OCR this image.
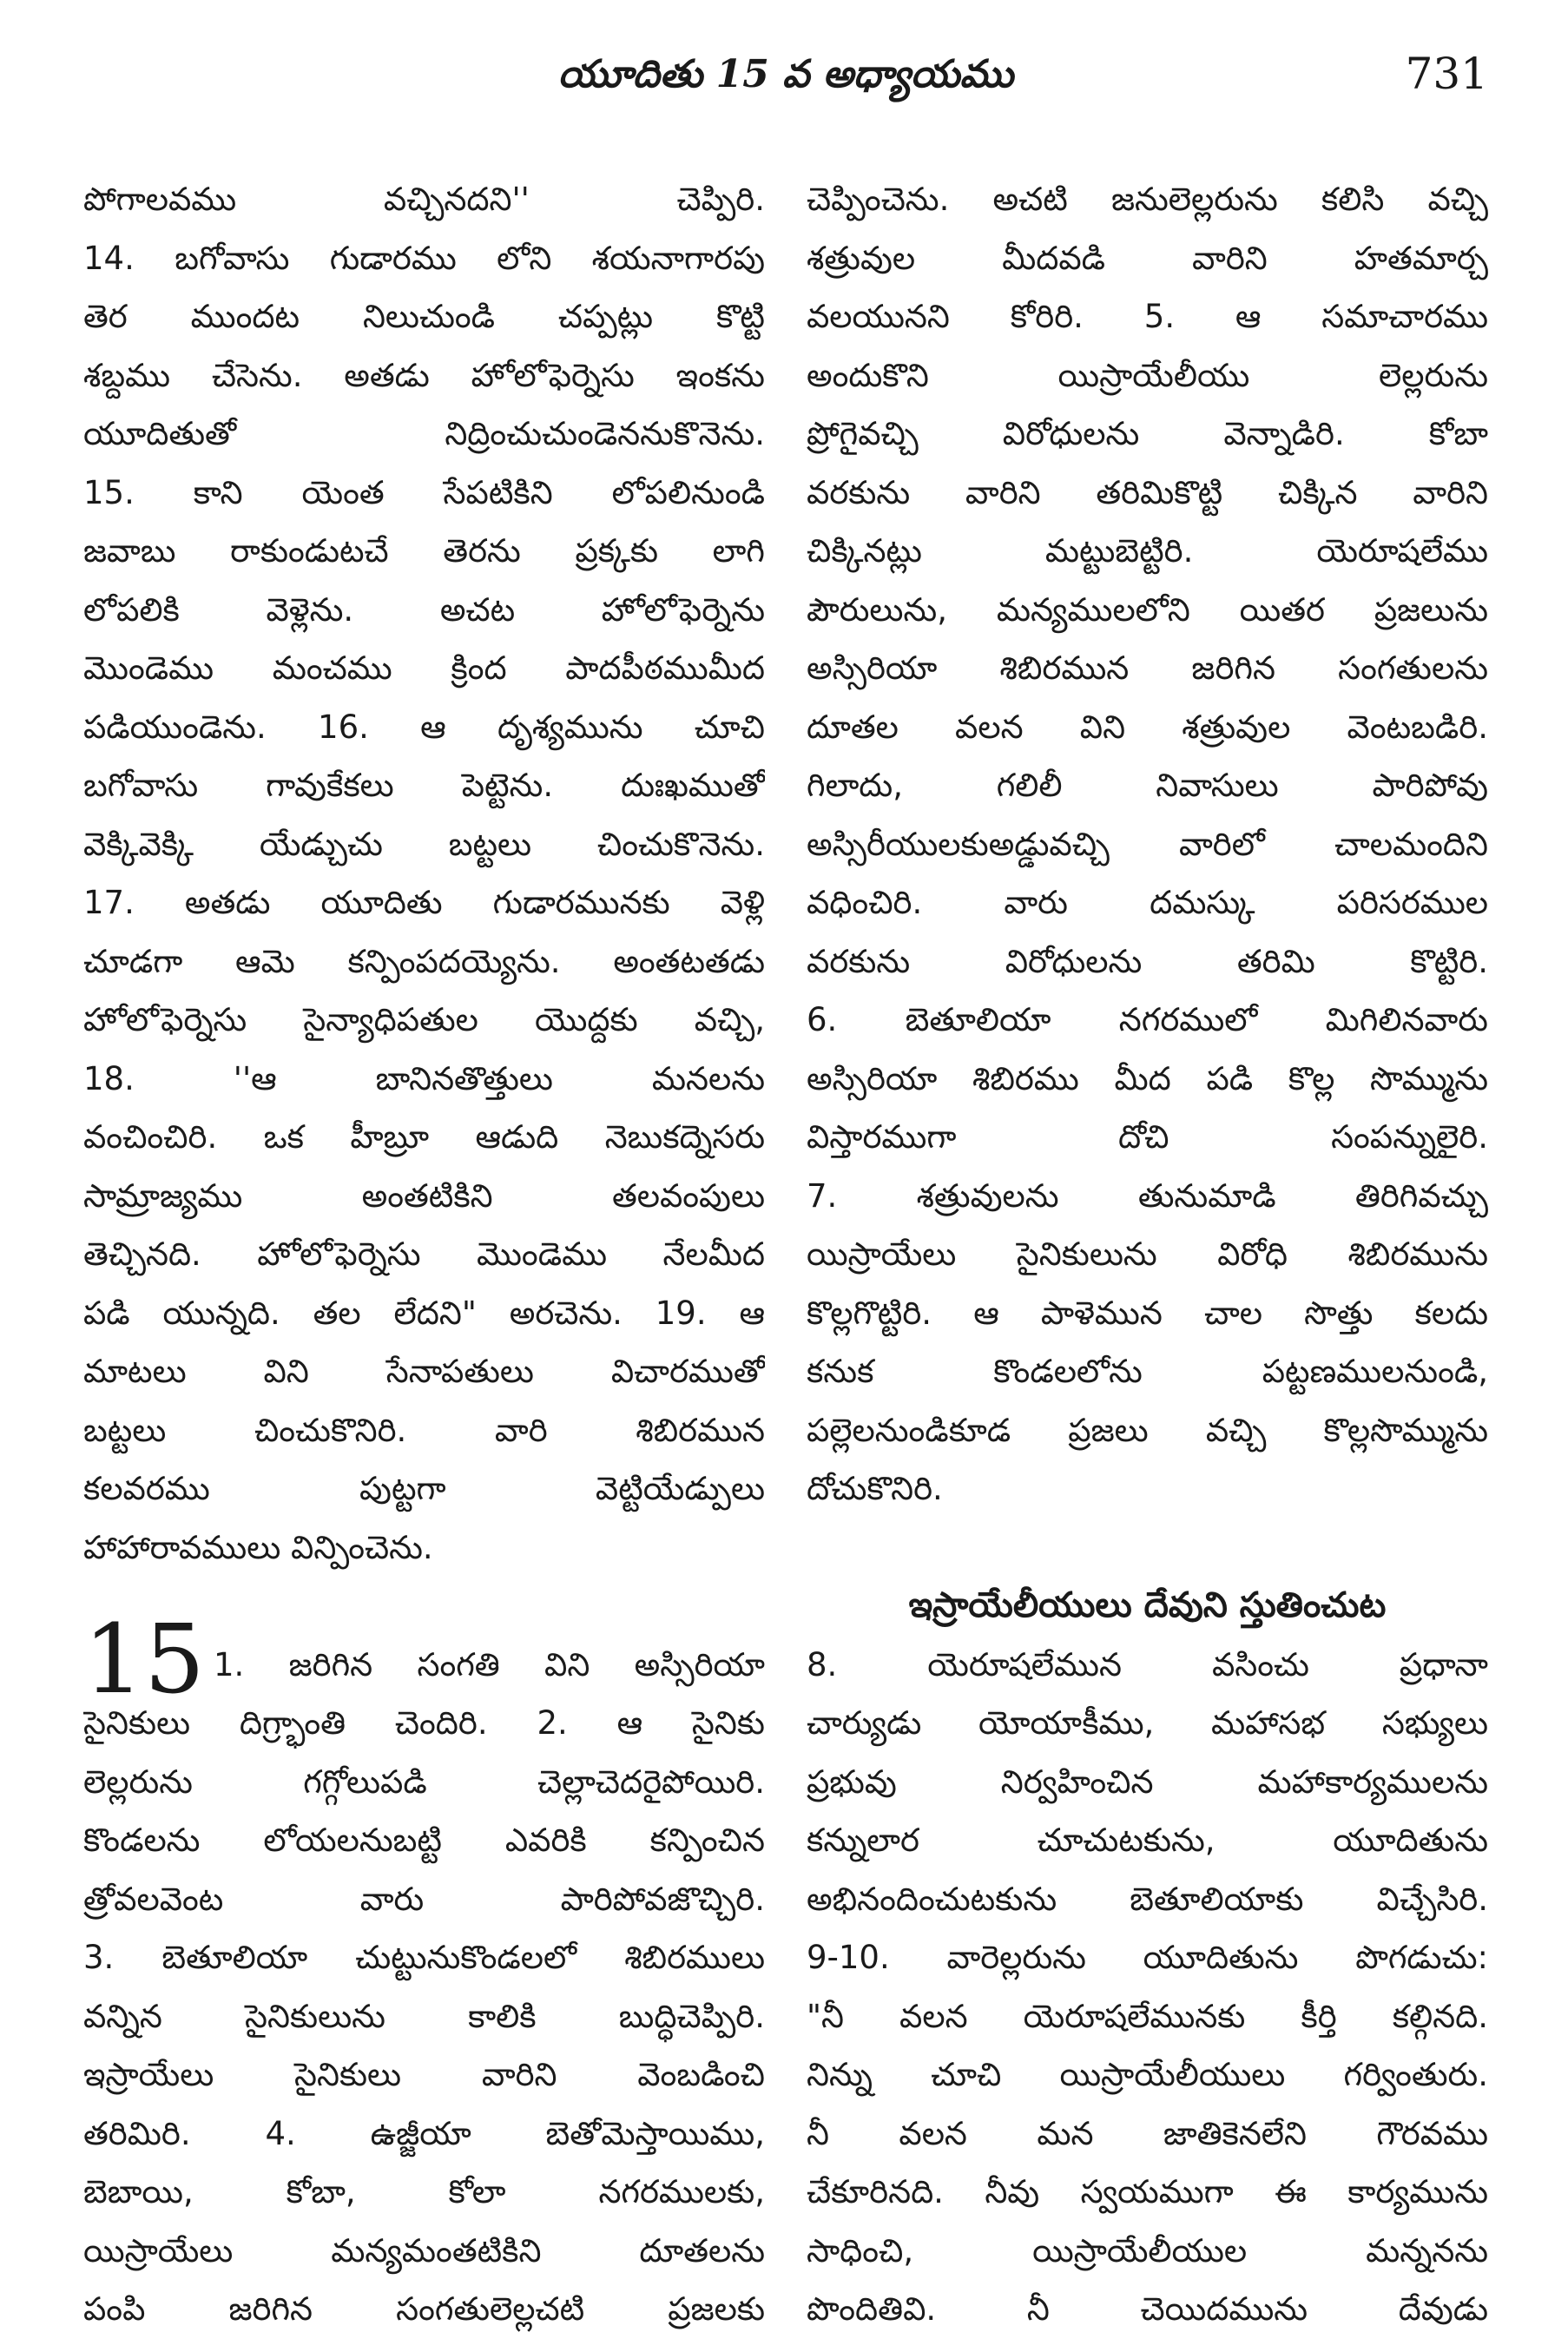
యూదితు 15 వ అధ్యాయము	731
పోగాలవము వచ్చినదని'' చెప్పిరి.
14. బగోవాసు గుడారము లోని శయనాగారపు
తెర ముందట నిలుచుండి చప్పట్లు కొట్టి
శబ్దము చేసెను. అతడు హోలోఫెర్నెసు ఇంకను
యూదితుతో నిద్రించుచుండెననుకొనెను.
15. కాని యెంత సేపటికిని లోపలినుండి
జవాబు రాకుండుటచే తెరను ప్రక్కకు లాగి
లోపలికి వెళ్లెను. అచట హోలోఫెర్నెను
మొండెము మంచము క్రింద పాదపీఠముమీద
పడియుండెను. 16. ఆ దృశ్యమును చూచి
బగోవాసు గావుకేకలు పెట్టెను. దుఃఖముతో
వెక్కివెక్కి యేడ్చుచు బట్టలు చించుకొనెను.
17. అతడు యూదితు గుడారమునకు వెళ్లి
చూడగా ఆమె కన్పింపదయ్యెను. అంతటతడు
హోలోఫెర్నెసు సైన్యాధిపతుల యొద్దకు వచ్చి,
18. ''ఆ బానినతొత్తులు మనలను
వంచించిరి. ఒక హీబ్రూ ఆడుది నెబుకద్నెసరు
సామ్రాజ్యము అంతటికిని తలవంపులు
తెచ్చినది. హోలోఫెర్నెసు మొండెము నేలమీద
పడి యున్నది. తల లేదని" అరచెను. 19. ఆ
మాటలు విని సేనాపతులు విచారముతో
బట్టలు చించుకొనిరి. వారి శిబిరమున
కలవరము పుట్టగా వెట్టియేడ్పులు
హాహారావములు విన్పించెను.
15 1. జరిగిన సంగతి విని అస్సిరియా
సైనికులు దిగ్ర్భాంతి చెందిరి. 2. ఆ సైనికు
లెల్లరును గగ్గోలుపడి చెల్లాచెదరైపోయిరి.
కొండలను లోయలనుబట్టి ఎవరికి కన్పించిన
త్రోవలవెంట వారు పారిపోవజొచ్చిరి.
3. బెతూలియా చుట్టునుకొండలలో శిబిరములు
వన్నిన సైనికులును కాలికి బుద్ధిచెప్పిరి.
ఇస్రాయేలు సైనికులు వారిని వెంబడించి
తరిమిరి. 4. ఉజ్జీయా బెతోమెస్తాయిము,
బెబాయి, కోబా, కోలా నగరములకు,
యిస్రాయేలు మన్యమంతటికిని దూతలను
పంపి జరిగిన సంగతులెల్లచటి ప్రజలకు
చెప్పించెను. అచటి జనులెల్లరును కలిసి వచ్చి
శత్రువుల మీదవడి వారిని హతమార్చ
వలయునని కోరిరి. 5. ఆ సమాచారము
అందుకొని యిస్రాయేలీయు లెల్లరును
ప్రోగైవచ్చి విరోధులను వెన్నాడిరి. కోబా
వరకును వారిని తరిమికొట్టి చిక్కిన వారిని
చిక్కినట్లు మట్టుబెట్టిరి. యెరూషలేము
పౌరులును, మన్యములలోని యితర ప్రజలును
అస్సిరియా శిబిరమున జరిగిన సంగతులను
దూతల వలన విని శత్రువుల వెంటబడిరి.
గిలాదు, గలిలీ నివాసులు పారిపోవు
అస్సిరీయులకుఅడ్డువచ్చి వారిలో చాలమందిని
వధించిరి. వారు దమస్కు పరిసరముల
వరకును విరోధులను తరిమి కొట్టిరి.
6. బెతూలియా నగరములో మిగిలినవారు
అస్సిరియా శిబిరము మీద పడి కొల్ల సొమ్మును
విస్తారముగా దోచి సంపన్నులైరి.
7. శత్రువులను తునుమాడి తిరిగివచ్చు
యిస్రాయేలు సైనికులును విరోధి శిబిరమును
కొల్లగొట్టిరి. ఆ పాళెమున చాల సొత్తు కలదు
కనుక కొండలలోను పట్టణములనుండి,
పల్లెలనుండికూడ ప్రజలు వచ్చి కొల్లసొమ్మును
దోచుకొనిరి.
ఇస్రాయేలీయులు దేవుని స్తుతించుట
8. యెరూషలేమున వసించు ప్రధానా
చార్యుడు యోయాకీము, మహాసభ సభ్యులు
ప్రభువు నిర్వహించిన మహాకార్యములను
కన్నులార చూచుటకును, యూదితును
అభినందించుటకును బెతూలియాకు విచ్చేసిరి.
9-10. వారెల్లరును యూదితును పొగడుచు:
"నీ వలన యెరూషలేమునకు కీర్తి కల్గినది.
నిన్ను చూచి యిస్రాయేలీయులు గర్వింతురు.
నీ వలన మన జాతికెనలేని గౌరవము
చేకూరినది. నీవు స్వయముగా ఈ కార్యమును
సాధించి, యిస్రాయేలీయుల మన్ననను
పొందితివి. నీ చెయిదమును దేవుడు
